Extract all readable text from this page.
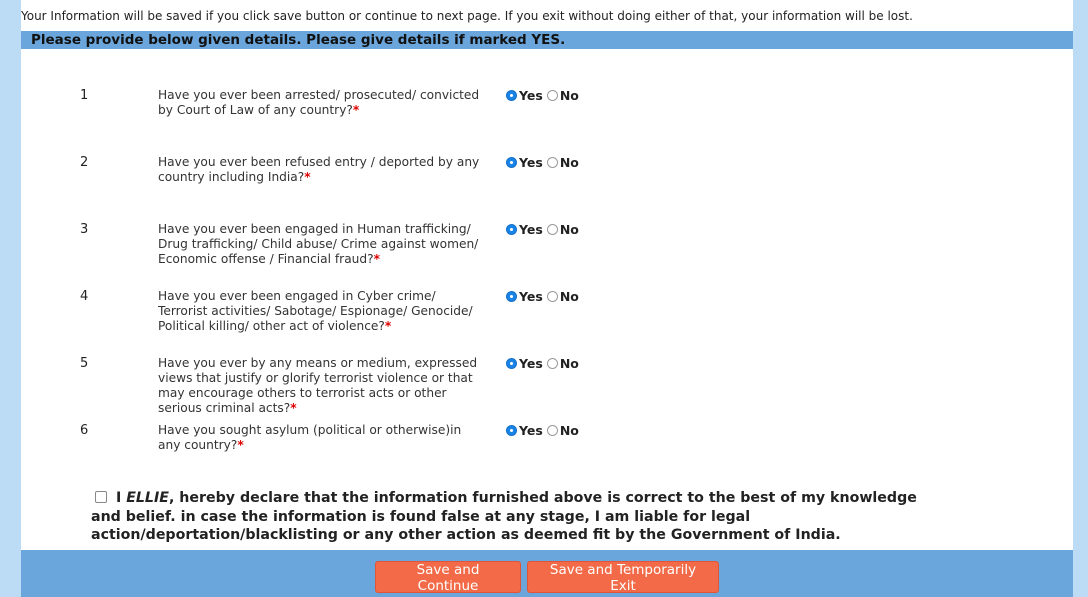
Your Information will be saved if you click save button or continue to next page. If you exit without doing either of that, your information will be lost.
Please provide below given details. Please give details if marked YES.
1	Have you ever been arrested/ prosecuted/ convicted by Court of Law of any country?*
Yes No
2	Have you ever been refused entry / deported by any country including India?*
Yes No
3	Have you ever been engaged in Human trafficking/ Drug trafficking/ Child abuse/ Crime against women/ Economic offense / Financial fraud?*
Yes No
4	Have you ever been engaged in Cyber crime/ Terrorist activities/ Sabotage/ Espionage/ Genocide/ Political killing/ other act of violence?*
Yes No
5	Have you ever by any means or medium, expressed views that justify or glorify terrorist violence or that may encourage others to terrorist acts or other serious criminal acts?*
Yes No
6	Have you sought asylum (political or otherwise)in any country?*
Yes No
I ELLIE, hereby declare that the information furnished above is correct to the best of my knowledge and belief. in case the information is found false at any stage, I am liable for legal action/deportation/blacklisting or any other action as deemed fit by the Government of India.
Save and Continue
Save and Temporarily Exit
